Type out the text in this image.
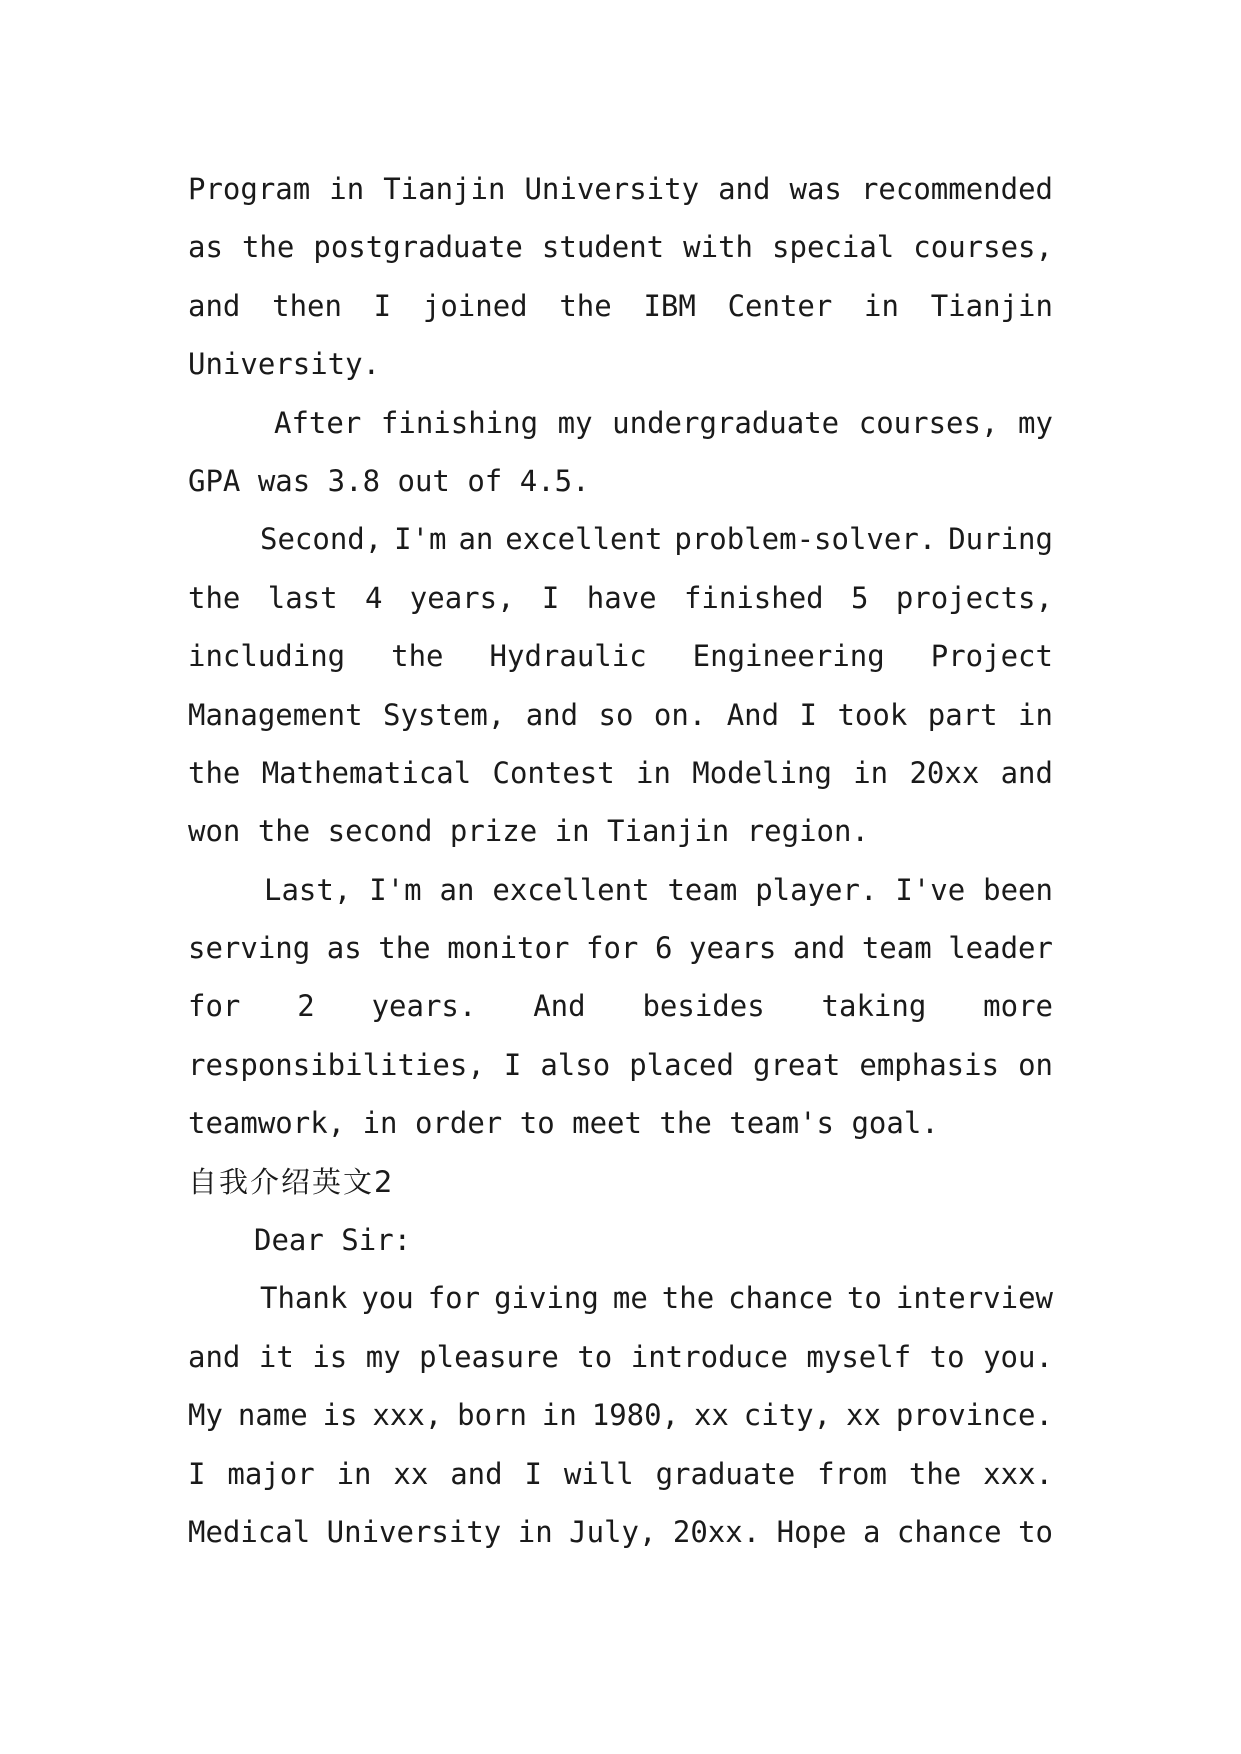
Program in Tianjin University and was recommended
as the postgraduate student with special courses,
and then I joined the IBM Center in Tianjin
University.
After finishing my undergraduate courses, my
GPA was 3.8 out of 4.5.
Second, I'm an excellent problem-solver. During
the last 4 years, I have finished 5 projects,
including the Hydraulic Engineering Project
Management System, and so on. And I took part in
the Mathematical Contest in Modeling in 20xx and
won the second prize in Tianjin region.
Last, I'm an excellent team player. I've been
serving as the monitor for 6 years and team leader
for 2 years. And besides taking more
responsibilities, I also placed great emphasis on
teamwork, in order to meet the team's goal.
自我介绍英文2
Dear Sir:
Thank you for giving me the chance to interview
and it is my pleasure to introduce myself to you.
My name is xxx, born in 1980, xx city, xx province.
I major in xx and I will graduate from the xxx.
Medical University in July, 20xx. Hope a chance to
